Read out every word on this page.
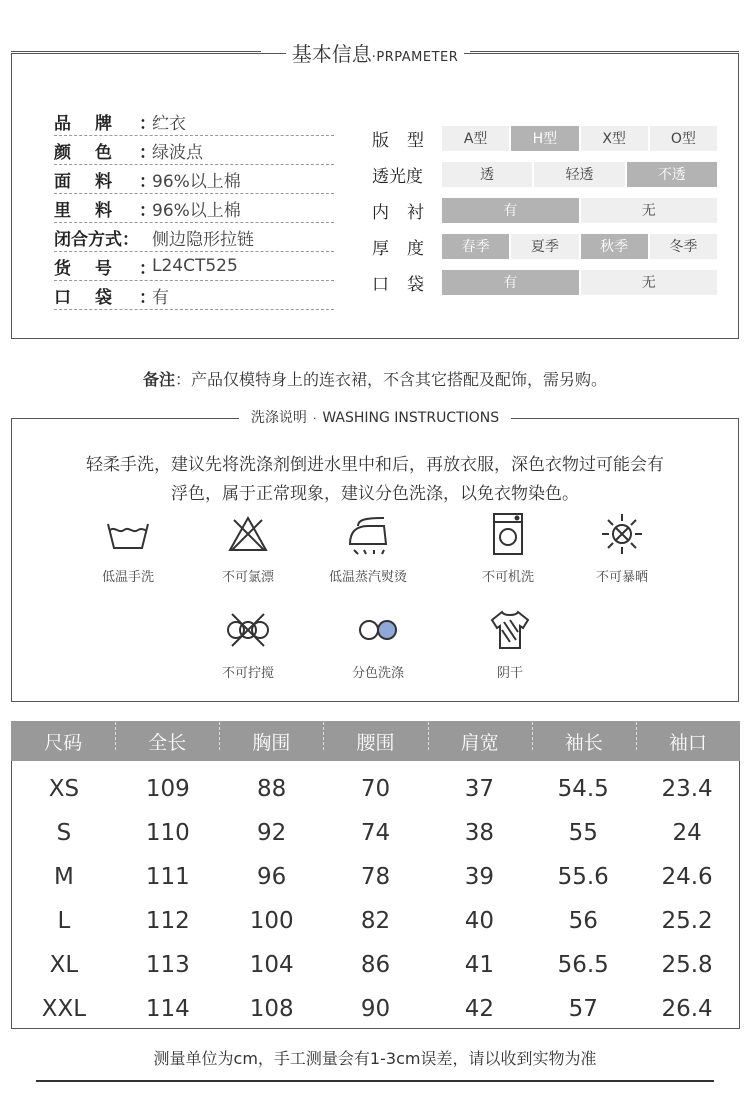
基本信息·PRPAMETER
品 牌 ：
纻衣
颜 色 ：
绿波点
面 料 ：
96%以上棉
里 料 ：
96%以上棉
闭合方式： 侧边隐形拉链
货 号 ：
L24CT525
口 袋 ：
有
版型	A型	H型	X型	O型
透光度	透	轻透	不透
内衬	有	无
厚度	春季	夏季	秋季	冬季
口袋	有	无
备注：产品仅模特身上的连衣裙，不含其它搭配及配饰，需另购。
洗涤说明 · WASHING INSTRUCTIONS
轻柔手洗，建议先将洗涤剂倒进水里中和后，再放衣服，深色衣物过可能会有
浮色，属于正常现象，建议分色洗涤，以免衣物染色。
低温手洗	不可氯漂	低温蒸汽熨烫	不可机洗	不可暴晒
不可拧搅	分色洗涤	阴干
尺码	全长	胸围	腰围	肩宽	袖长	袖口
XS	109	88	70	37	54.5	23.4
S	110	92	74	38	55	24
M	111	96	78	39	55.6	24.6
L	112	100	82	40	56	25.2
XL	113	104	86	41	56.5	25.8
XXL	114	108	90	42	57	26.4
测量单位为cm，手工测量会有1-3cm误差，请以收到实物为准
